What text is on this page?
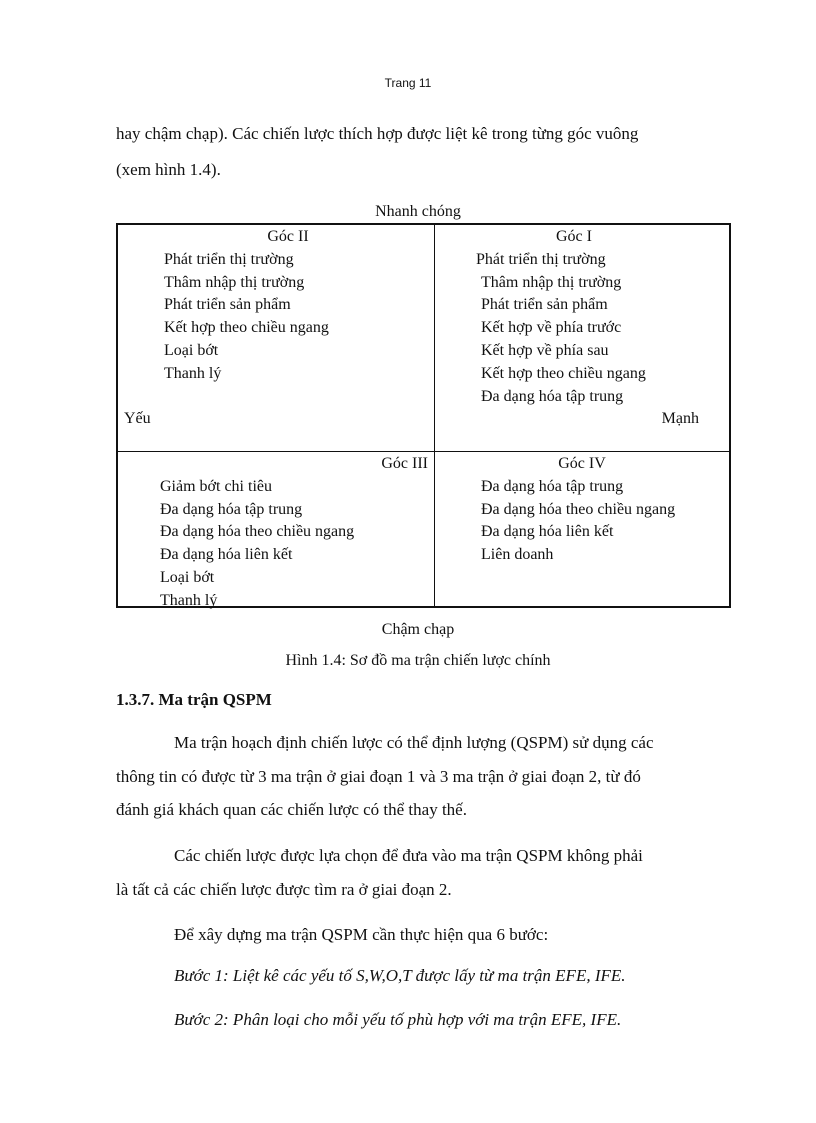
Trang 11
hay chậm chạp). Các chiến lược thích hợp được liệt kê trong từng góc vuông
(xem hình 1.4).
Nhanh chóng
Góc II
Phát triển thị trường
Thâm nhập thị trường
Phát triển sản phẩm
Kết hợp theo chiều ngang
Loại bớt
Thanh lý
Góc I
Phát triển thị trường
Thâm nhập thị trường
Phát triển sản phẩm
Kết hợp về phía trước
Kết hợp về phía sau
Kết hợp theo chiều ngang
Đa dạng hóa tập trung
Yếu	Mạnh
Góc III
Giảm bớt chi tiêu
Đa dạng hóa tập trung
Đa dạng hóa theo chiều ngang
Đa dạng hóa liên kết
Loại bớt
Thanh lý
Góc IV
Đa dạng hóa tập trung
Đa dạng hóa theo chiều ngang
Đa dạng hóa liên kết
Liên doanh
Chậm chạp
Hình 1.4: Sơ đồ ma trận chiến lược chính
1.3.7. Ma trận QSPM
Ma trận hoạch định chiến lược có thể định lượng (QSPM) sử dụng các
thông tin có được từ 3 ma trận ở giai đoạn 1 và 3 ma trận ở giai đoạn 2, từ đó
đánh giá khách quan các chiến lược có thể thay thế.
Các chiến lược được lựa chọn để đưa vào ma trận QSPM không phải
là tất cả các chiến lược được tìm ra ở giai đoạn 2.
Để xây dựng ma trận QSPM cần thực hiện qua 6 bước:
Bước 1: Liệt kê các yếu tố S,W,O,T được lấy từ ma trận EFE, IFE.
Bước 2: Phân loại cho mỗi yếu tố phù hợp với ma trận EFE, IFE.
